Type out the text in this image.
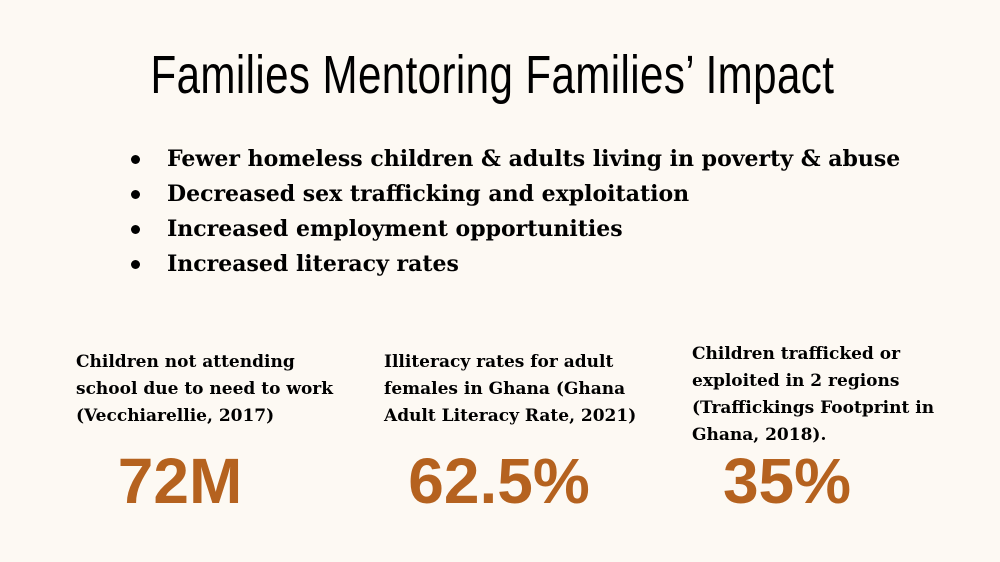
Families Mentoring Families’ Impact
Fewer homeless children & adults living in poverty & abuse
Decreased sex trafficking and exploitation
Increased employment opportunities
Increased literacy rates
Children not attending
school due to need to work
(Vecchiarellie, 2017)
72M
Illiteracy rates for adult
females in Ghana (Ghana
Adult Literacy Rate, 2021)
62.5%
Children trafficked or
exploited in 2 regions
(Traffickings Footprint in
Ghana, 2018).
35%
